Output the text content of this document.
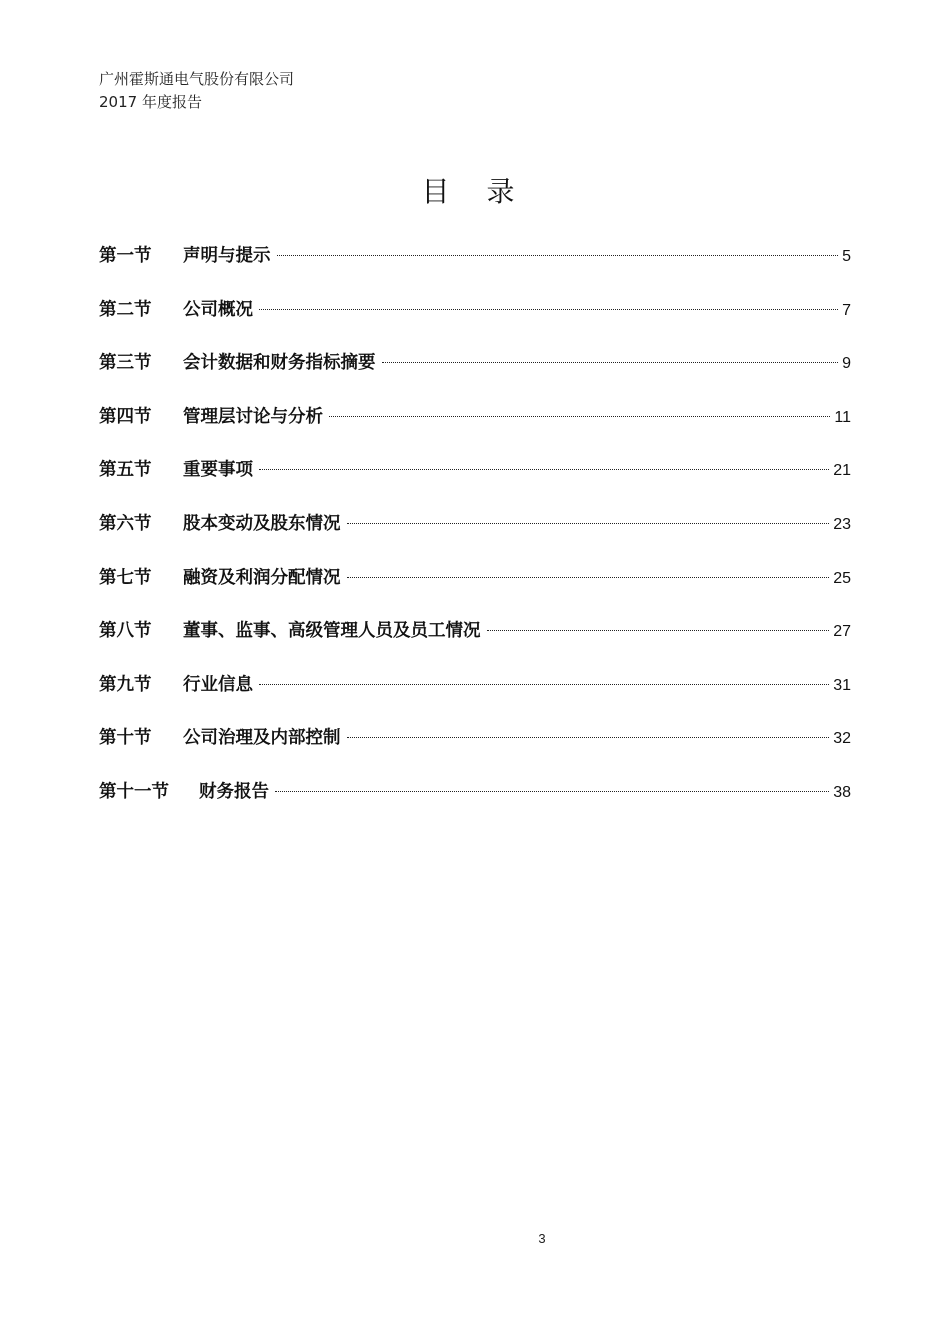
广州霍斯通电气股份有限公司
2017 年度报告
目 录
第一节	声明与提示	5
第二节	公司概况	7
第三节	会计数据和财务指标摘要	9
第四节	管理层讨论与分析	11
第五节	重要事项	21
第六节	股本变动及股东情况	23
第七节	融资及利润分配情况	25
第八节	董事、监事、高级管理人员及员工情况	27
第九节	行业信息	31
第十节	公司治理及内部控制	32
第十一节	财务报告	38
3
